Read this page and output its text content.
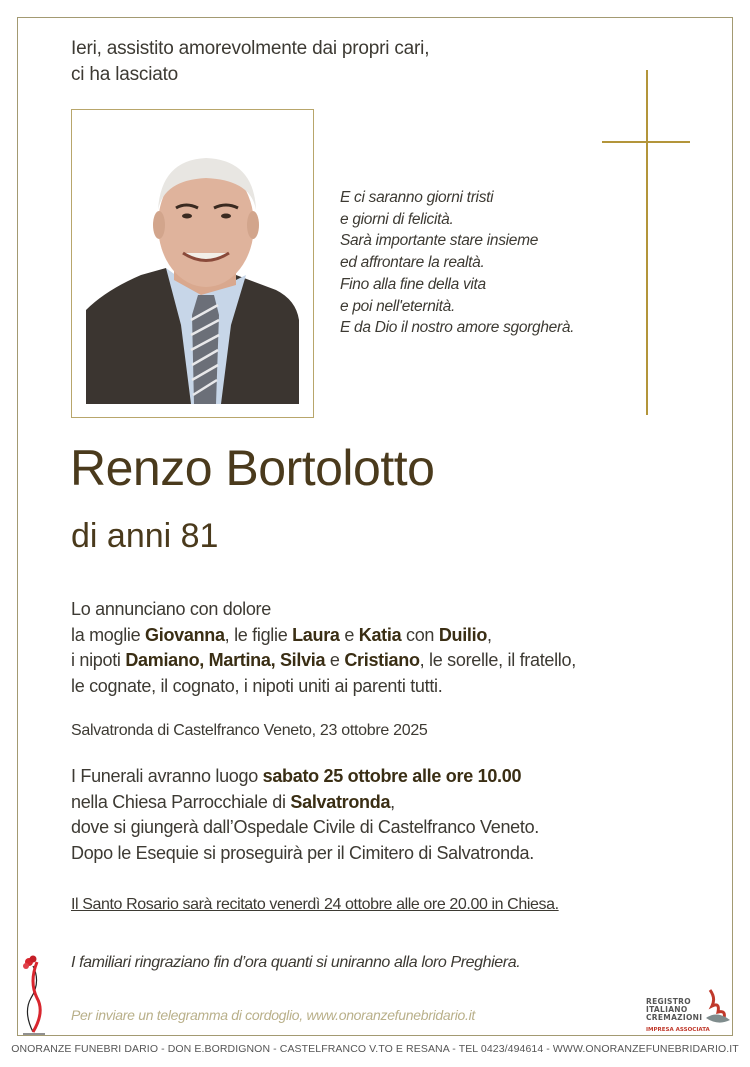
Ieri, assistito amorevolmente dai propri cari,
ci ha lasciato
E ci saranno giorni tristi
e giorni di felicità.
Sarà importante stare insieme
ed affrontare la realtà.
Fino alla fine della vita
e poi nell'eternità.
E da Dio il nostro amore sgorgherà.
Renzo Bortolotto
di anni 81
Lo annunciano con dolore
la moglie Giovanna, le figlie Laura e Katia con Duilio,
i nipoti Damiano, Martina, Silvia e Cristiano, le sorelle, il fratello,
le cognate, il cognato, i nipoti uniti ai parenti tutti.
Salvatronda di Castelfranco Veneto, 23 ottobre 2025
I Funerali avranno luogo sabato 25 ottobre alle ore 10.00
nella Chiesa Parrocchiale di Salvatronda,
dove si giungerà dall’Ospedale Civile di Castelfranco Veneto.
Dopo le Esequie si proseguirà per il Cimitero di Salvatronda.
Il Santo Rosario sarà recitato venerdì 24 ottobre alle ore 20.00 in Chiesa.
I familiari ringraziano fin d’ora quanti si uniranno alla loro Preghiera.
Per inviare un telegramma di cordoglio, www.onoranzefunebridario.it
REGISTRO
ITALIANO
CREMAZIONI
IMPRESA ASSOCIATA
ONORANZE FUNEBRI DARIO - DON E.BORDIGNON - CASTELFRANCO V.TO E RESANA - TEL 0423/494614 - WWW.ONORANZEFUNEBRIDARIO.IT
